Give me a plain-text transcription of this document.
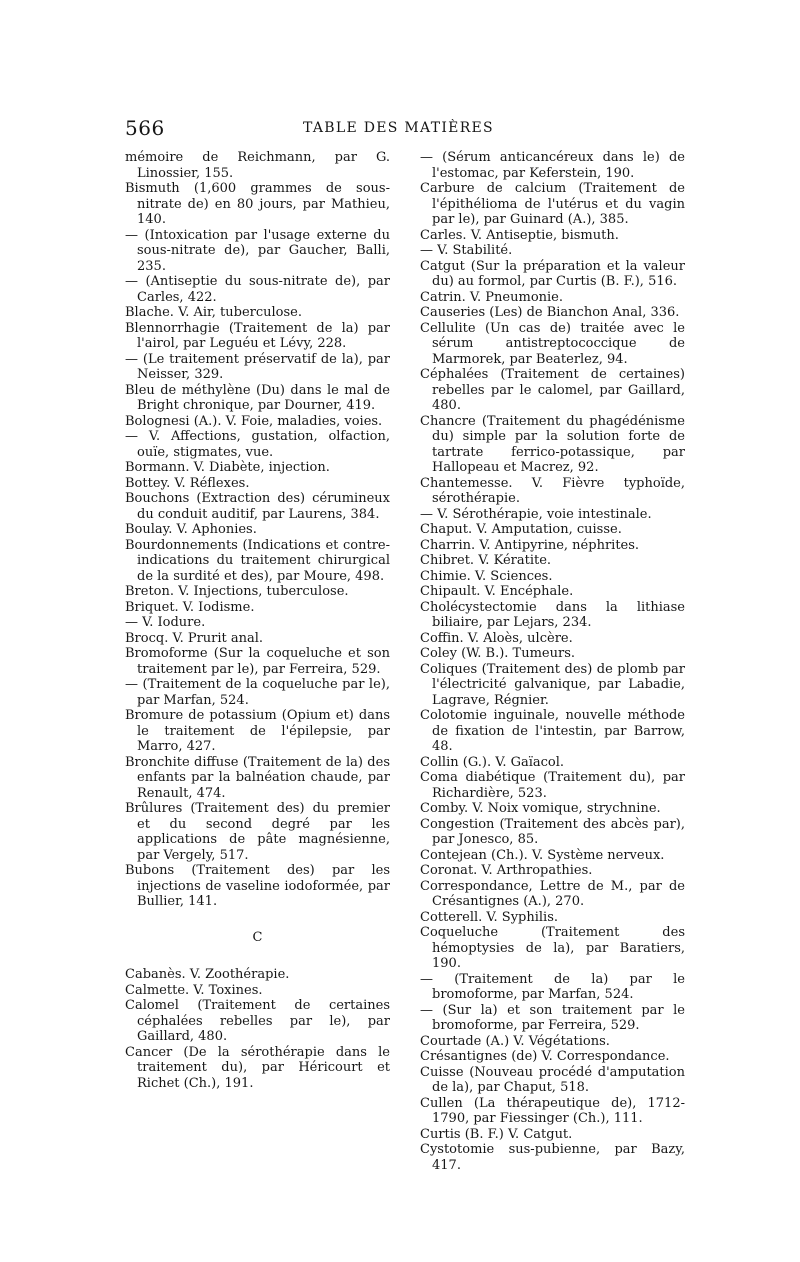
566	TABLE DES MATIÈRES

mémoire de Reichmann, par G. Linossier, 155.

Bismuth (1,600 grammes de sous-nitrate de) en 80 jours, par Mathieu, 140.

— (Intoxication par l'usage externe du sous-nitrate de), par Gaucher, Balli, 235.

— (Antiseptie du sous-nitrate de), par Carles, 422.

Blache. V. Air, tuberculose.

Blennorrhagie (Traitement de la) par l'airol, par Leguéu et Lévy, 228.

— (Le traitement préservatif de la), par Neisser, 329.

Bleu de méthylène (Du) dans le mal de Bright chronique, par Dourner, 419.

Bolognesi (A.). V. Foie, maladies, voies.

— V. Affections, gustation, olfaction, ouïe, stigmates, vue.

Bormann. V. Diabète, injection.

Bottey. V. Réflexes.

Bouchons (Extraction des) cérumineux du conduit auditif, par Laurens, 384.

Boulay. V. Aphonies.

Bourdonnements (Indications et contre-indications du traitement chirurgical de la surdité et des), par Moure, 498.

Breton. V. Injections, tuberculose.

Briquet. V. Iodisme.

— V. Iodure.

Brocq. V. Prurit anal.

Bromoforme (Sur la coqueluche et son traitement par le), par Ferreira, 529.

— (Traitement de la coqueluche par le), par Marfan, 524.

Bromure de potassium (Opium et) dans le traitement de l'épilepsie, par Marro, 427.

Bronchite diffuse (Traitement de la) des enfants par la balnéation chaude, par Renault, 474.

Brûlures (Traitement des) du premier et du second degré par les applications de pâte magnésienne, par Vergely, 517.

Bubons (Traitement des) par les injections de vaseline iodoformée, par Bullier, 141.

C

Cabanès. V. Zoothérapie.

Calmette. V. Toxines.

Calomel (Traitement de certaines céphalées rebelles par le), par Gaillard, 480.

Cancer (De la sérothérapie dans le traitement du), par Héricourt et Richet (Ch.), 191.

— (Sérum anticancéreux dans le) de l'estomac, par Keferstein, 190.

Carbure de calcium (Traitement de l'épithélioma de l'utérus et du vagin par le), par Guinard (A.), 385.

Carles. V. Antiseptie, bismuth.

— V. Stabilité.

Catgut (Sur la préparation et la valeur du) au formol, par Curtis (B. F.), 516.

Catrin. V. Pneumonie.

Causeries (Les) de Bianchon Anal, 336.

Cellulite (Un cas de) traitée avec le sérum antistreptococcique de Marmorek, par Beaterlez, 94.

Céphalées (Traitement de certaines) rebelles par le calomel, par Gaillard, 480.

Chancre (Traitement du phagédénisme du) simple par la solution forte de tartrate ferrico-potassique, par Hallopeau et Macrez, 92.

Chantemesse. V. Fièvre typhoïde, sérothérapie.

— V. Sérothérapie, voie intestinale.

Chaput. V. Amputation, cuisse.

Charrin. V. Antipyrine, néphrites.

Chibret. V. Kératite.

Chimie. V. Sciences.

Chipault. V. Encéphale.

Cholécystectomie dans la lithiase biliaire, par Lejars, 234.

Coffin. V. Aloès, ulcère.

Coley (W. B.). Tumeurs.

Coliques (Traitement des) de plomb par l'électricité galvanique, par Labadie, Lagrave, Régnier.

Colotomie inguinale, nouvelle méthode de fixation de l'intestin, par Barrow, 48.

Collin (G.). V. Gaïacol.

Coma diabétique (Traitement du), par Richardière, 523.

Comby. V. Noix vomique, strychnine.

Congestion (Traitement des abcès par), par Jonesco, 85.

Contejean (Ch.). V. Système nerveux.

Coronat. V. Arthropathies.

Correspondance, Lettre de M., par de Crésantignes (A.), 270.

Cotterell. V. Syphilis.

Coqueluche (Traitement des hémoptysies de la), par Baratiers, 190.

— (Traitement de la) par le bromoforme, par Marfan, 524.

— (Sur la) et son traitement par le bromoforme, par Ferreira, 529.

Courtade (A.) V. Végétations.

Crésantignes (de) V. Correspondance.

Cuisse (Nouveau procédé d'amputation de la), par Chaput, 518.

Cullen (La thérapeutique de), 1712-1790, par Fiessinger (Ch.), 111.

Curtis (B. F.) V. Catgut.

Cystotomie sus-pubienne, par Bazy, 417.
